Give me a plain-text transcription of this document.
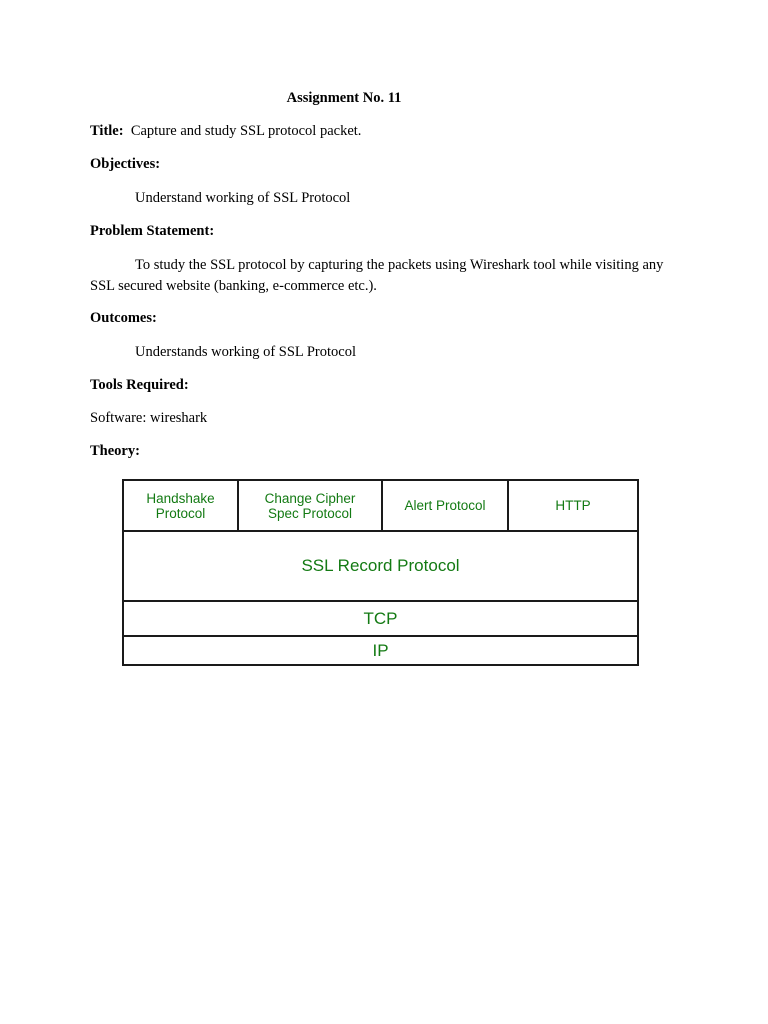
Assignment No. 11
Title: Capture and study SSL protocol packet.
Objectives:
Understand working of SSL Protocol
Problem Statement:
To study the SSL protocol by capturing the packets using Wireshark tool while visiting any SSL secured website (banking, e-commerce etc.).
Outcomes:
Understands working of SSL Protocol
Tools Required:
Software: wireshark
Theory:
Handshake
Protocol
Change Cipher
Spec Protocol	Alert Protocol	HTTP
SSL Record Protocol
TCP
IP
